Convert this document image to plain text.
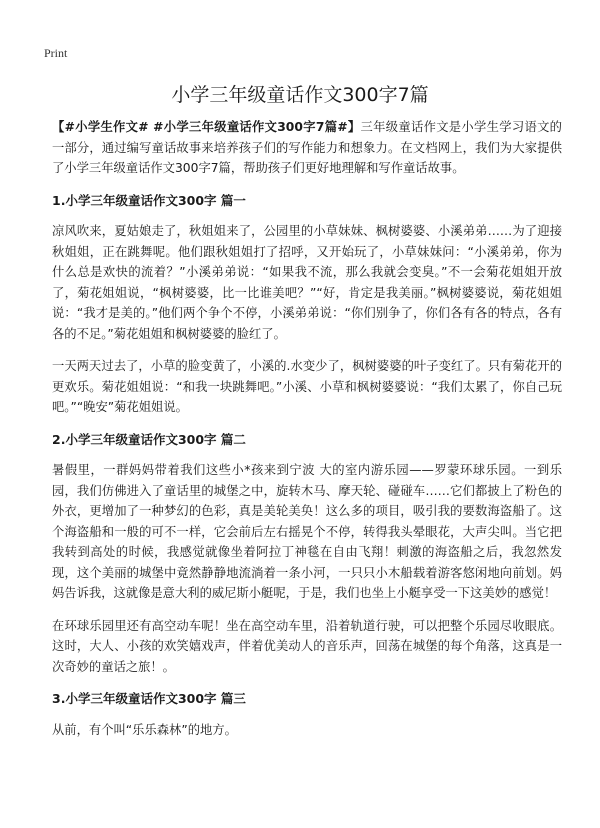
Print
小学三年级童话作文300字7篇

【#小学生作文# #小学三年级童话作文300字7篇#】三年级童话作文是小学生学习语文的一部分，通过编写童话故事来培养孩子们的写作能力和想象力。在文档网上，我们为大家提供了小学三年级童话作文300字7篇，帮助孩子们更好地理解和写作童话故事。

1.小学三年级童话作文300字 篇一

凉风吹来，夏姑娘走了，秋姐姐来了，公园里的小草妹妹、枫树婆婆、小溪弟弟……为了迎接秋姐姐，正在跳舞呢。他们跟秋姐姐打了招呼，又开始玩了，小草妹妹问：“小溪弟弟，你为什么总是欢快的流着？”小溪弟弟说：“如果我不流，那么我就会变臭。”不一会菊花姐姐开放了，菊花姐姐说，“枫树婆婆，比一比谁美吧？”“好，肯定是我美丽。”枫树婆婆说，菊花姐姐说：“我才是美的。”他们两个争个不停，小溪弟弟说：“你们别争了，你们各有各的特点，各有各的不足。”菊花姐姐和枫树婆婆的脸红了。

一天两天过去了，小草的脸变黄了，小溪的.水变少了，枫树婆婆的叶子变红了。只有菊花开的更欢乐。菊花姐姐说：“和我一块跳舞吧。”小溪、小草和枫树婆婆说：“我们太累了，你自己玩吧。”“晚安”菊花姐姐说。

2.小学三年级童话作文300字 篇二

暑假里，一群妈妈带着我们这些小*孩来到宁波 大的室内游乐园——罗蒙环球乐园。一到乐园，我们仿佛进入了童话里的城堡之中，旋转木马、摩天轮、碰碰车……它们都披上了粉色的外衣，更增加了一种梦幻的色彩，真是美轮美奂！这么多的项目，吸引我的要数海盗船了。这个海盗船和一般的可不一样，它会前后左右摇晃个不停，转得我头晕眼花，大声尖叫。当它把我转到高处的时候，我感觉就像坐着阿拉丁神毯在自由飞翔！刺激的海盗船之后，我忽然发现，这个美丽的城堡中竟然静静地流淌着一条小河，一只只小木船载着游客悠闲地向前划。妈妈告诉我，这就像是意大利的威尼斯小艇呢，于是，我们也坐上小艇享受一下这美妙的感觉！

在环球乐园里还有高空动车呢！坐在高空动车里，沿着轨道行驶，可以把整个乐园尽收眼底。这时，大人、小孩的欢笑嬉戏声，伴着优美动人的音乐声，回荡在城堡的每个角落，这真是一次奇妙的童话之旅！。

3.小学三年级童话作文300字 篇三

从前，有个叫“乐乐森林”的地方。
